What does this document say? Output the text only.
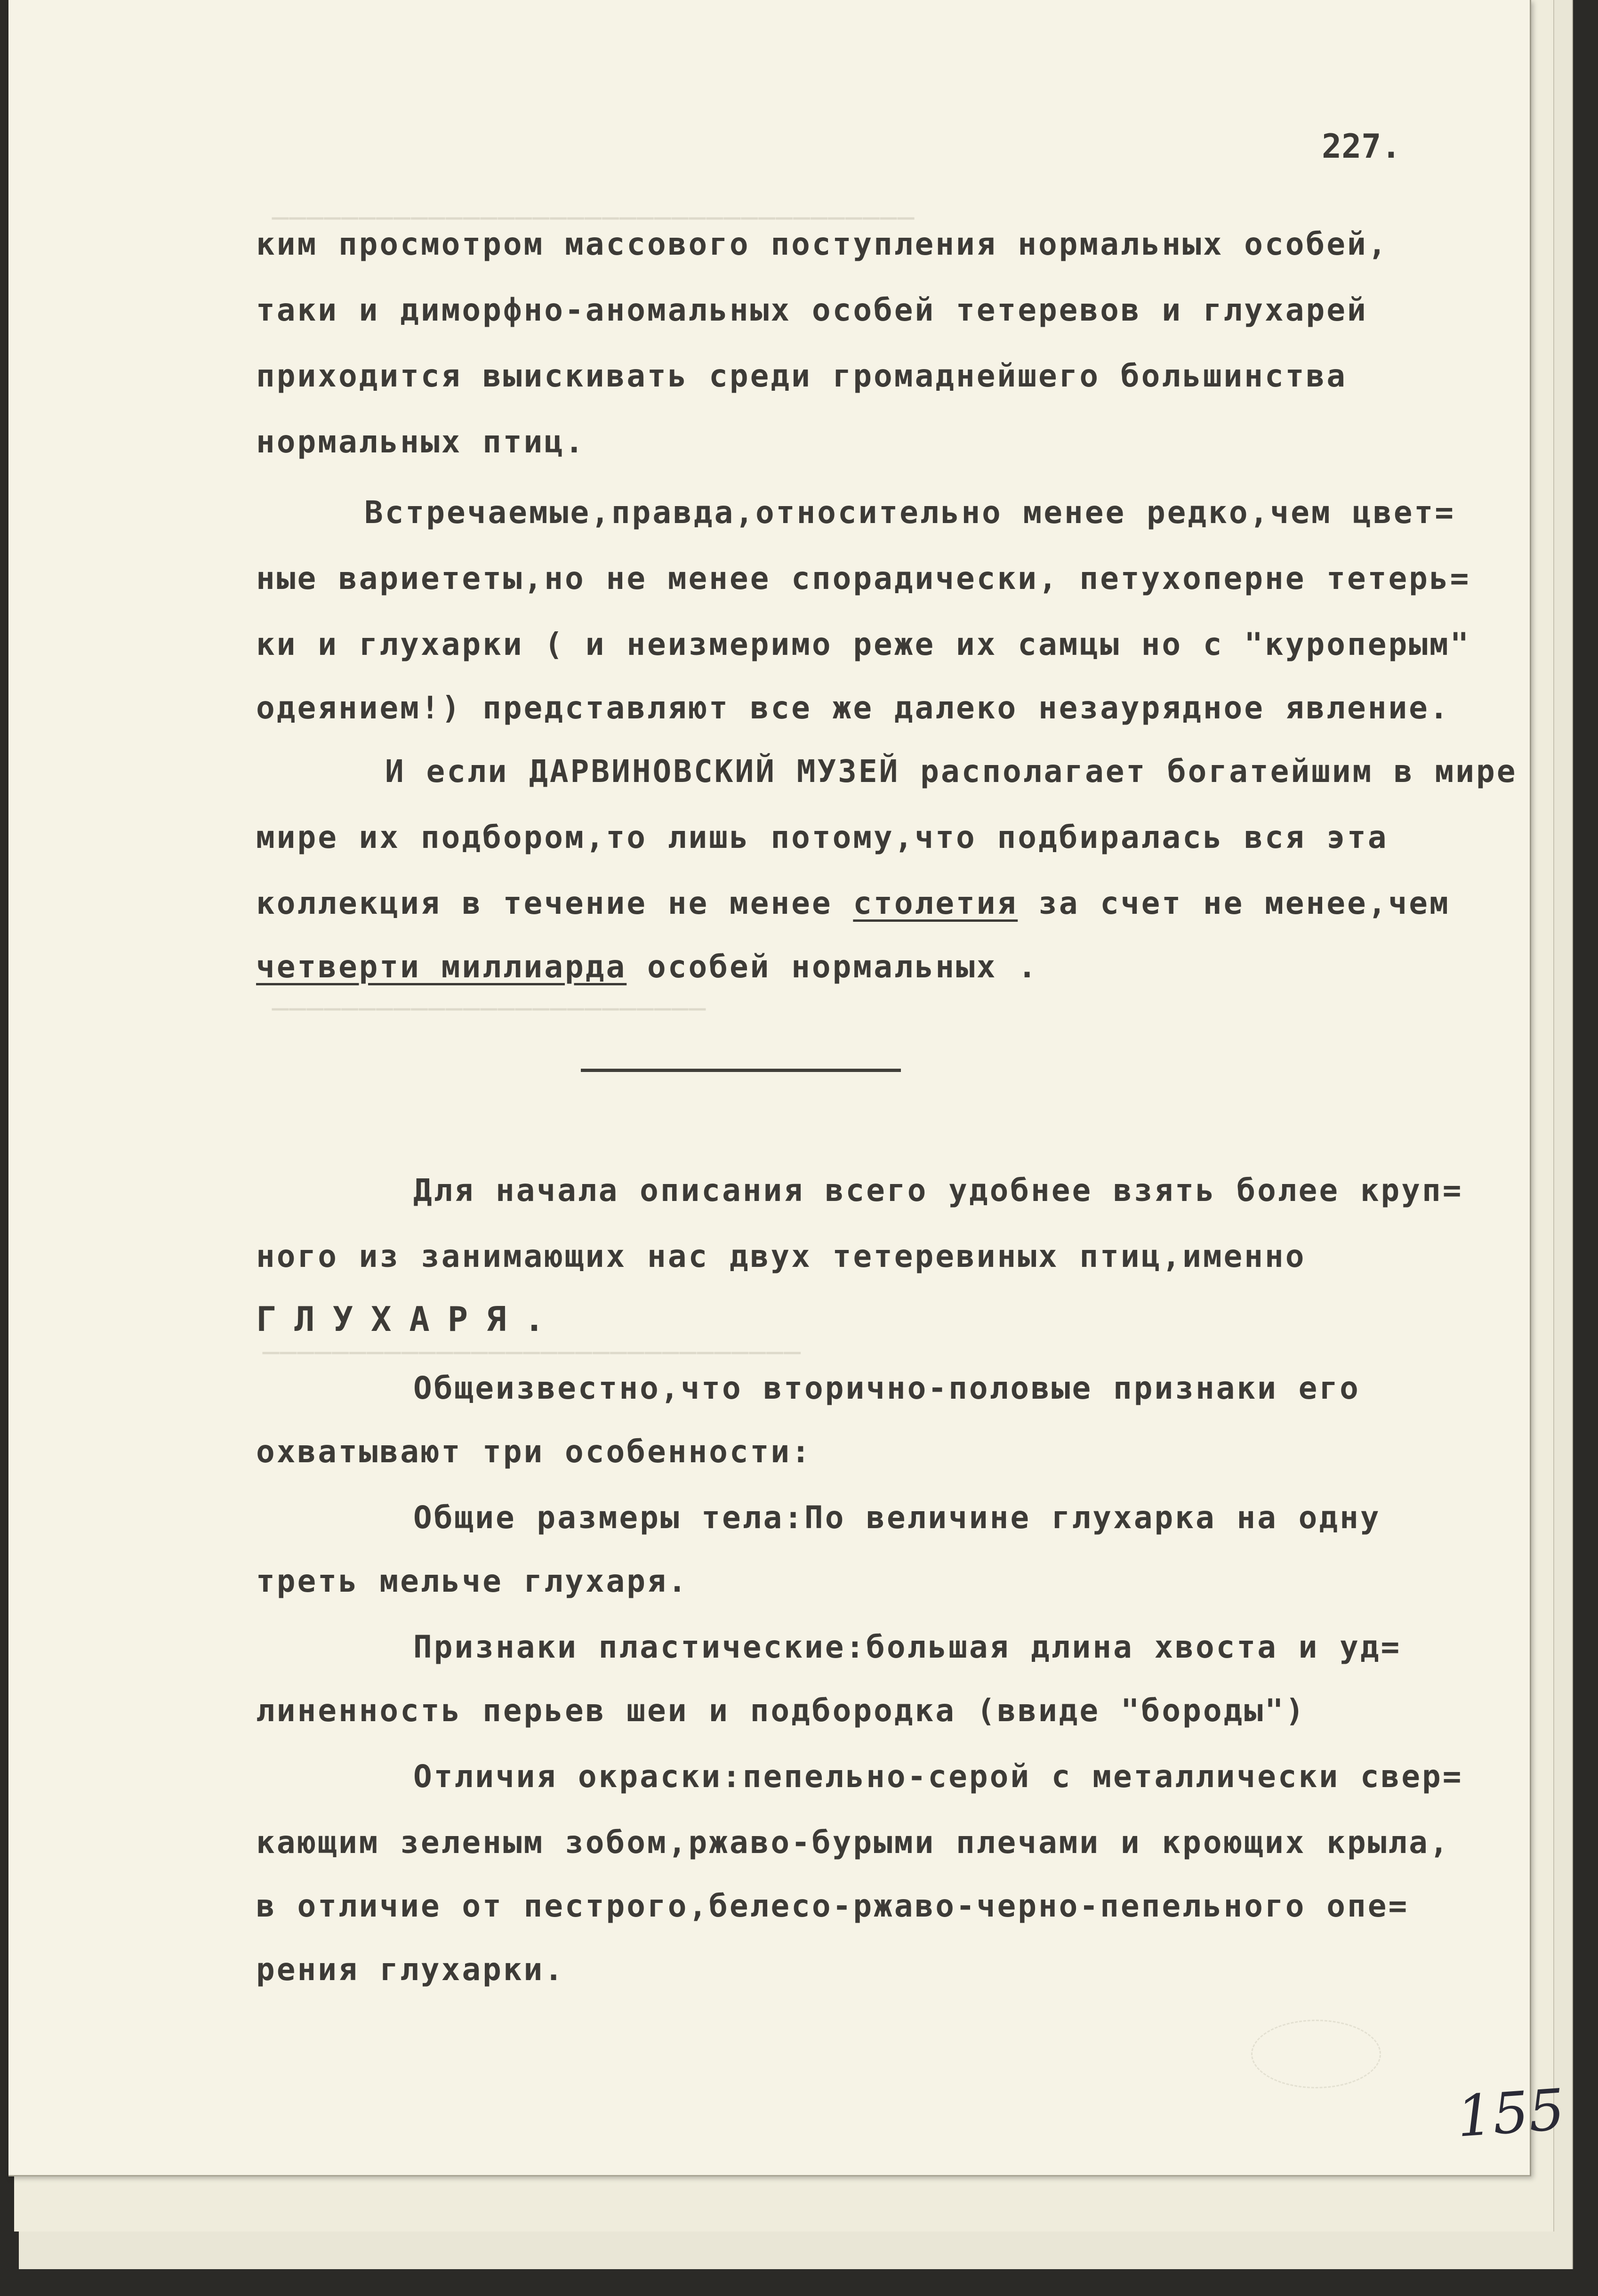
─────────────────────────────────────
─────────────────────────
───────────────────────────────
227.
ким просмотром массового поступления нормальных особей,
таки и диморфно-аномальных особей тетеревов и глухарей
приходится выискивать среди громаднейшего большинства
нормальных птиц.
Встречаемые,правда,относительно менее редко,чем цвет=
ные вариететы,но не менее спорадически, петухоперне тетерь=
ки и глухарки ( и неизмеримо реже их самцы но с "куроперым"
одеянием!) представляют все же далеко незаурядное явление.
И если ДАРВИНОВСКИЙ МУЗЕЙ располагает богатейшим в мире
мире их подбором,то лишь потому,что подбиралась вся эта
коллекция в течение не менее столетия за счет не менее,чем
четверти миллиарда особей нормальных .
Для начала описания всего удобнее взять более круп=
ного из занимающих нас двух тетеревиных птиц,именно
ГЛУХАРЯ.
Общеизвестно,что вторично-половые признаки его
охватывают три особенности:
Общие размеры тела:По величине глухарка на одну
треть мельче глухаря.
Признаки пластические:большая длина хвоста и уд=
линенность перьев шеи и подбородка (ввиде "бороды")
Отличия окраски:пепельно-серой с металлически свер=
кающим зеленым зобом,ржаво-бурыми плечами и кроющих крыла,
в отличие от пестрого,белесо-ржаво-черно-пепельного опе=
рения глухарки.
155
